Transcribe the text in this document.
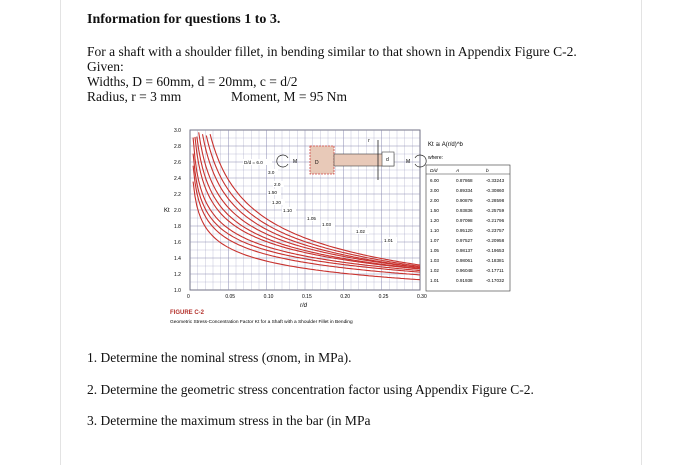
Information for questions 1 to 3.
For a shaft with a shoulder fillet, in bending similar to that shown in Appendix Figure C-2.
Given:
Widths, D = 60mm, d = 20mm, c = d/2
Radius, r = 3 mm	Moment, M = 95 Nm
3.0
2.8
2.6
2.4
2.2
2.0
1.8
1.6
1.4
1.2
1.0
0	0.05	0.10	0.15	0.20	0.25	0.30
D/d = 6.0
3.0
2.0
1.50
1.20
1.10
1.05
1.03
1.02
1.01
Kt
r/d
D	d
M	M
r
Kt ≅ A(r/d)^b
where:
D/d	A	b
6.00	0.87868	-0.33243
3.00	0.89334	-0.30860
2.00	0.90879	-0.28598
1.50	0.93836	-0.25759
1.20	0.97098	-0.21796
1.10	0.95120	-0.23757
1.07	0.97527	-0.20958
1.05	0.98137	-0.19653
1.03	0.98061	-0.18381
1.02	0.96048	-0.17711
1.01	0.91938	-0.17032
FIGURE C-2
Geometric Stress-Concentration Factor Kt for a Shaft with a Shoulder Fillet in Bending
1. Determine the nominal stress (σnom, in MPa).
2. Determine the geometric stress concentration factor using Appendix Figure C-2.
3. Determine the maximum stress in the bar (in MPa
